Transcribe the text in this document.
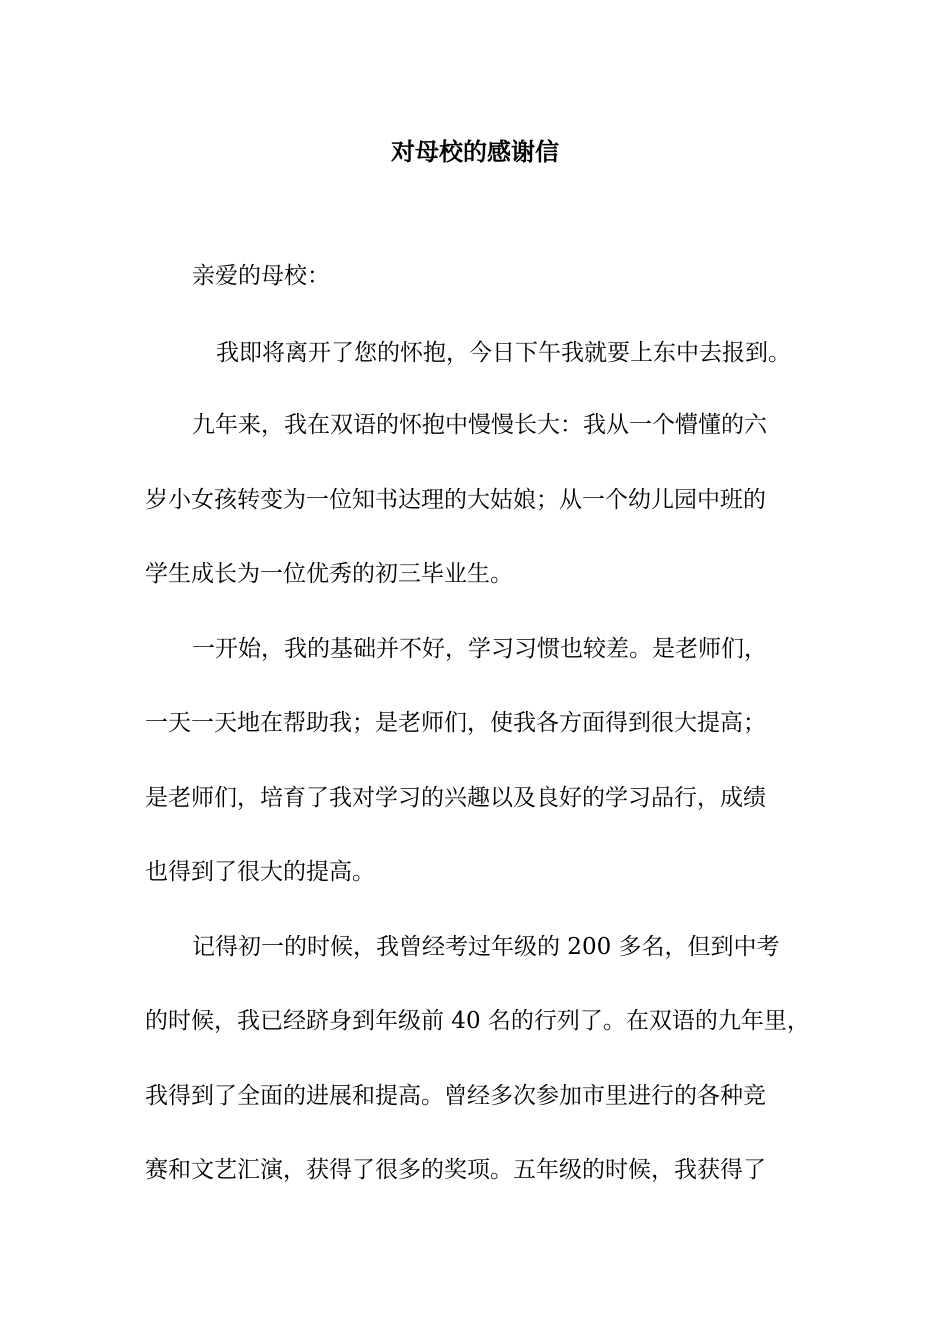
对母校的感谢信
亲爱的母校：
我即将离开了您的怀抱，今日下午我就要上东中去报到。
九年来，我在双语的怀抱中慢慢长大：我从一个懵懂的六
岁小女孩转变为一位知书达理的大姑娘；从一个幼儿园中班的
学生成长为一位优秀的初三毕业生。
一开始，我的基础并不好，学习习惯也较差。是老师们，
一天一天地在帮助我；是老师们，使我各方面得到很大提高；
是老师们，培育了我对学习的兴趣以及良好的学习品行，成绩
也得到了很大的提高。
记得初一的时候，我曾经考过年级的 200 多名，但到中考
的时候，我已经跻身到年级前 40 名的行列了。在双语的九年里，
我得到了全面的进展和提高。曾经多次参加市里进行的各种竞
赛和文艺汇演，获得了很多的奖项。五年级的时候，我获得了
